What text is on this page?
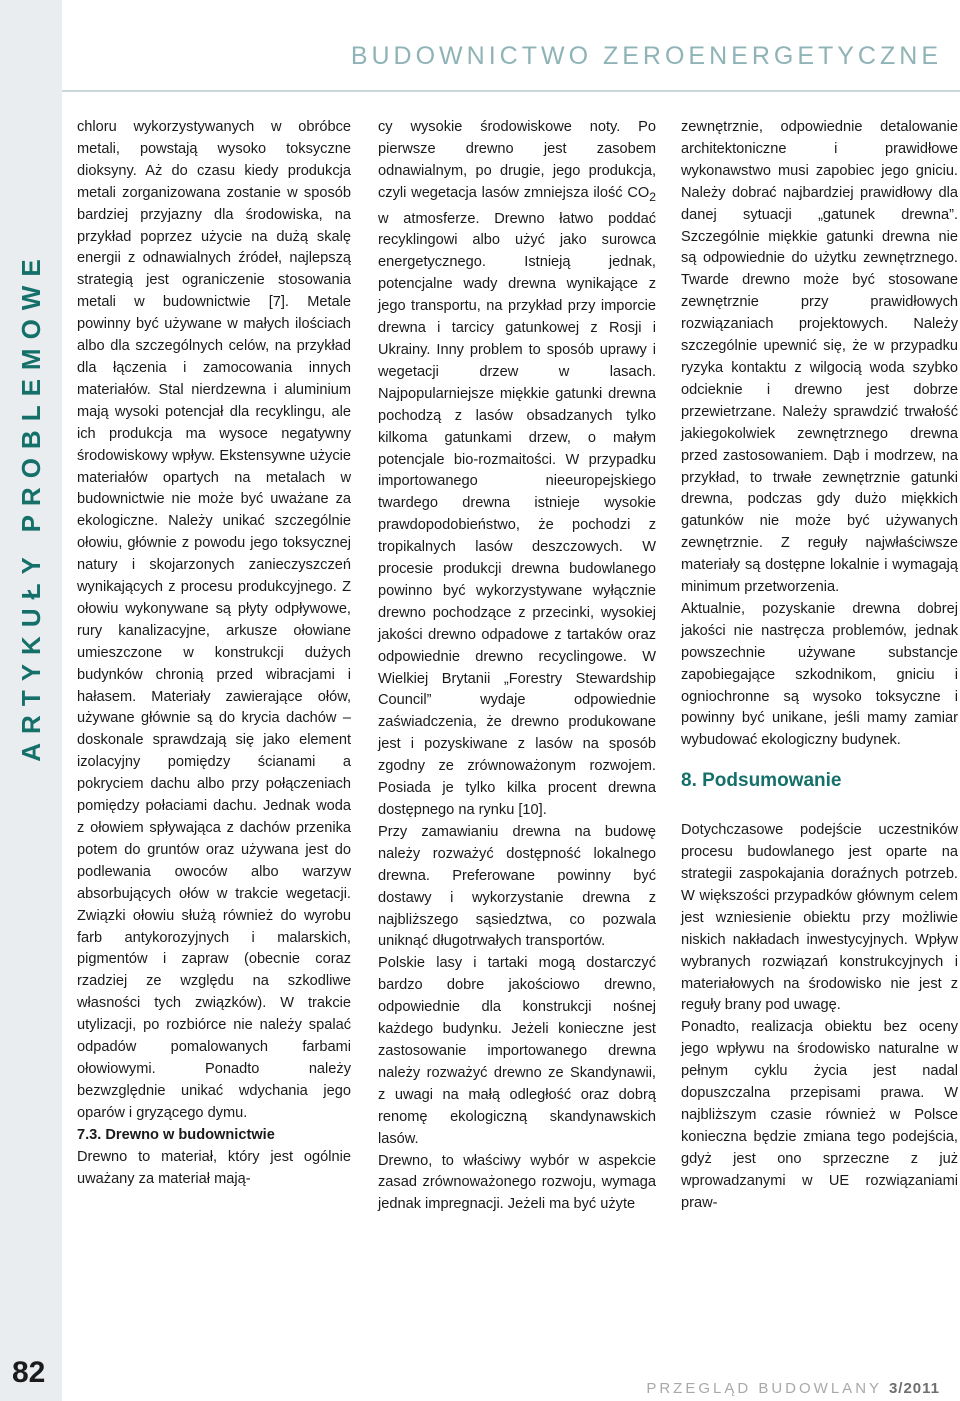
ARTYKUŁY PROBLEMOWE
82
BUDOWNICTWO ZEROENERGETYCZNE

chloru wykorzystywanych w obróbce metali, powstają wysoko toksyczne dioksyny. Aż do czasu kiedy produkcja metali zorganizowana zostanie w sposób bardziej przyjazny dla środowiska, na przykład poprzez użycie na dużą skalę energii z odnawialnych źródeł, najlepszą strategią jest ograniczenie stosowania metali w budownictwie [7]. Metale powinny być używane w małych ilościach albo dla szczególnych celów, na przykład dla łączenia i zamocowania innych materiałów. Stal nierdzewna i aluminium mają wysoki potencjał dla recyklingu, ale ich produkcja ma wysoce negatywny środowiskowy wpływ. Ekstensywne użycie materiałów opartych na metalach w budownictwie nie może być uważane za ekologiczne. Należy unikać szczególnie ołowiu, głównie z powodu jego toksycznej natury i skojarzonych zanieczyszczeń wynikających z procesu produkcyjnego. Z ołowiu wykonywane są płyty odpływowe, rury kanalizacyjne, arkusze ołowiane umieszczone w konstrukcji dużych budynków chronią przed wibracjami i hałasem. Materiały zawierające ołów, używane głównie są do krycia dachów – doskonale sprawdzają się jako element izolacyjny pomiędzy ścianami a pokryciem dachu albo przy połączeniach pomiędzy połaciami dachu. Jednak woda z ołowiem spływająca z dachów przenika potem do gruntów oraz używana jest do podlewania owoców albo warzyw absorbujących ołów w trakcie wegetacji. Związki ołowiu służą również do wyrobu farb antykorozyjnych i malarskich, pigmentów i zapraw (obecnie coraz rzadziej ze względu na szkodliwe własności tych związków). W trakcie utylizacji, po rozbiórce nie należy spalać odpadów pomalowanych farbami ołowiowymi. Ponadto należy bezwzględnie unikać wdychania jego oparów i gryzącego dymu.

7.3. Drewno w budownictwie

Drewno to materiał, który jest ogólnie uważany za materiał mają-

cy wysokie środowiskowe noty. Po pierwsze drewno jest zasobem odnawialnym, po drugie, jego produkcja, czyli wegetacja lasów zmniejsza ilość $CO_2$ w atmosferze. Drewno łatwo poddać recyklingowi albo użyć jako surowca energetycznego. Istnieją jednak, potencjalne wady drewna wynikające z jego transportu, na przykład przy imporcie drewna i tarcicy gatunkowej z Rosji i Ukrainy. Inny problem to sposób uprawy i wegetacji drzew w lasach. Najpopularniejsze miękkie gatunki drewna pochodzą z lasów obsadzanych tylko kilkoma gatunkami drzew, o małym potencjale bio-rozmaitości. W przypadku importowanego nieeuropejskiego twardego drewna istnieje wysokie prawdopodobieństwo, że pochodzi z tropikalnych lasów deszczowych. W procesie produkcji drewna budowlanego powinno być wykorzystywane wyłącznie drewno pochodzące z przecinki, wysokiej jakości drewno odpadowe z tartaków oraz odpowiednie drewno recyclingowe. W Wielkiej Brytanii „Forestry Stewardship Council” wydaje odpowiednie zaświadczenia, że drewno produkowane jest i pozyskiwane z lasów na sposób zgodny ze zrównoważonym rozwojem. Posiada je tylko kilka procent drewna dostępnego na rynku [10].

Przy zamawianiu drewna na budowę należy rozważyć dostępność lokalnego drewna. Preferowane powinny być dostawy i wykorzystanie drewna z najbliższego sąsiedztwa, co pozwala uniknąć długotrwałych transportów.

Polskie lasy i tartaki mogą dostarczyć bardzo dobre jakościowo drewno, odpowiednie dla konstrukcji nośnej każdego budynku. Jeżeli konieczne jest zastosowanie importowanego drewna należy rozważyć drewno ze Skandynawii, z uwagi na małą odległość oraz dobrą renomę ekologiczną skandynawskich lasów.

Drewno, to właściwy wybór w aspekcie zasad zrównoważonego rozwoju, wymaga jednak impregnacji. Jeżeli ma być użyte

zewnętrznie, odpowiednie detalowanie architektoniczne i prawidłowe wykonawstwo musi zapobiec jego gniciu. Należy dobrać najbardziej prawidłowy dla danej sytuacji „gatunek drewna”. Szczególnie miękkie gatunki drewna nie są odpowiednie do użytku zewnętrznego. Twarde drewno może być stosowane zewnętrznie przy prawidłowych rozwiązaniach projektowych. Należy szczególnie upewnić się, że w przypadku ryzyka kontaktu z wilgocią woda szybko odcieknie i drewno jest dobrze przewietrzane. Należy sprawdzić trwałość jakiegokolwiek zewnętrznego drewna przed zastosowaniem. Dąb i modrzew, na przykład, to trwałe zewnętrznie gatunki drewna, podczas gdy dużo miękkich gatunków nie może być używanych zewnętrznie. Z reguły najwłaściwsze materiały są dostępne lokalnie i wymagają minimum przetworzenia.

Aktualnie, pozyskanie drewna dobrej jakości nie nastręcza problemów, jednak powszechnie używane substancje zapobiegające szkodnikom, gniciu i ogniochronne są wysoko toksyczne i powinny być unikane, jeśli mamy zamiar wybudować ekologiczny budynek.

8. Podsumowanie

Dotychczasowe podejście uczestników procesu budowlanego jest oparte na strategii zaspokajania doraźnych potrzeb. W większości przypadków głównym celem jest wzniesienie obiektu przy możliwie niskich nakładach inwestycyjnych. Wpływ wybranych rozwiązań konstrukcyjnych i materiałowych na środowisko nie jest z reguły brany pod uwagę.

Ponadto, realizacja obiektu bez oceny jego wpływu na środowisko naturalne w pełnym cyklu życia jest nadal dopuszczalna przepisami prawa. W najbliższym czasie również w Polsce konieczna będzie zmiana tego podejścia, gdyż jest ono sprzeczne z już wprowadzanymi w UE rozwiązaniami praw-

PRZEGLĄD BUDOWLANY 3/2011
